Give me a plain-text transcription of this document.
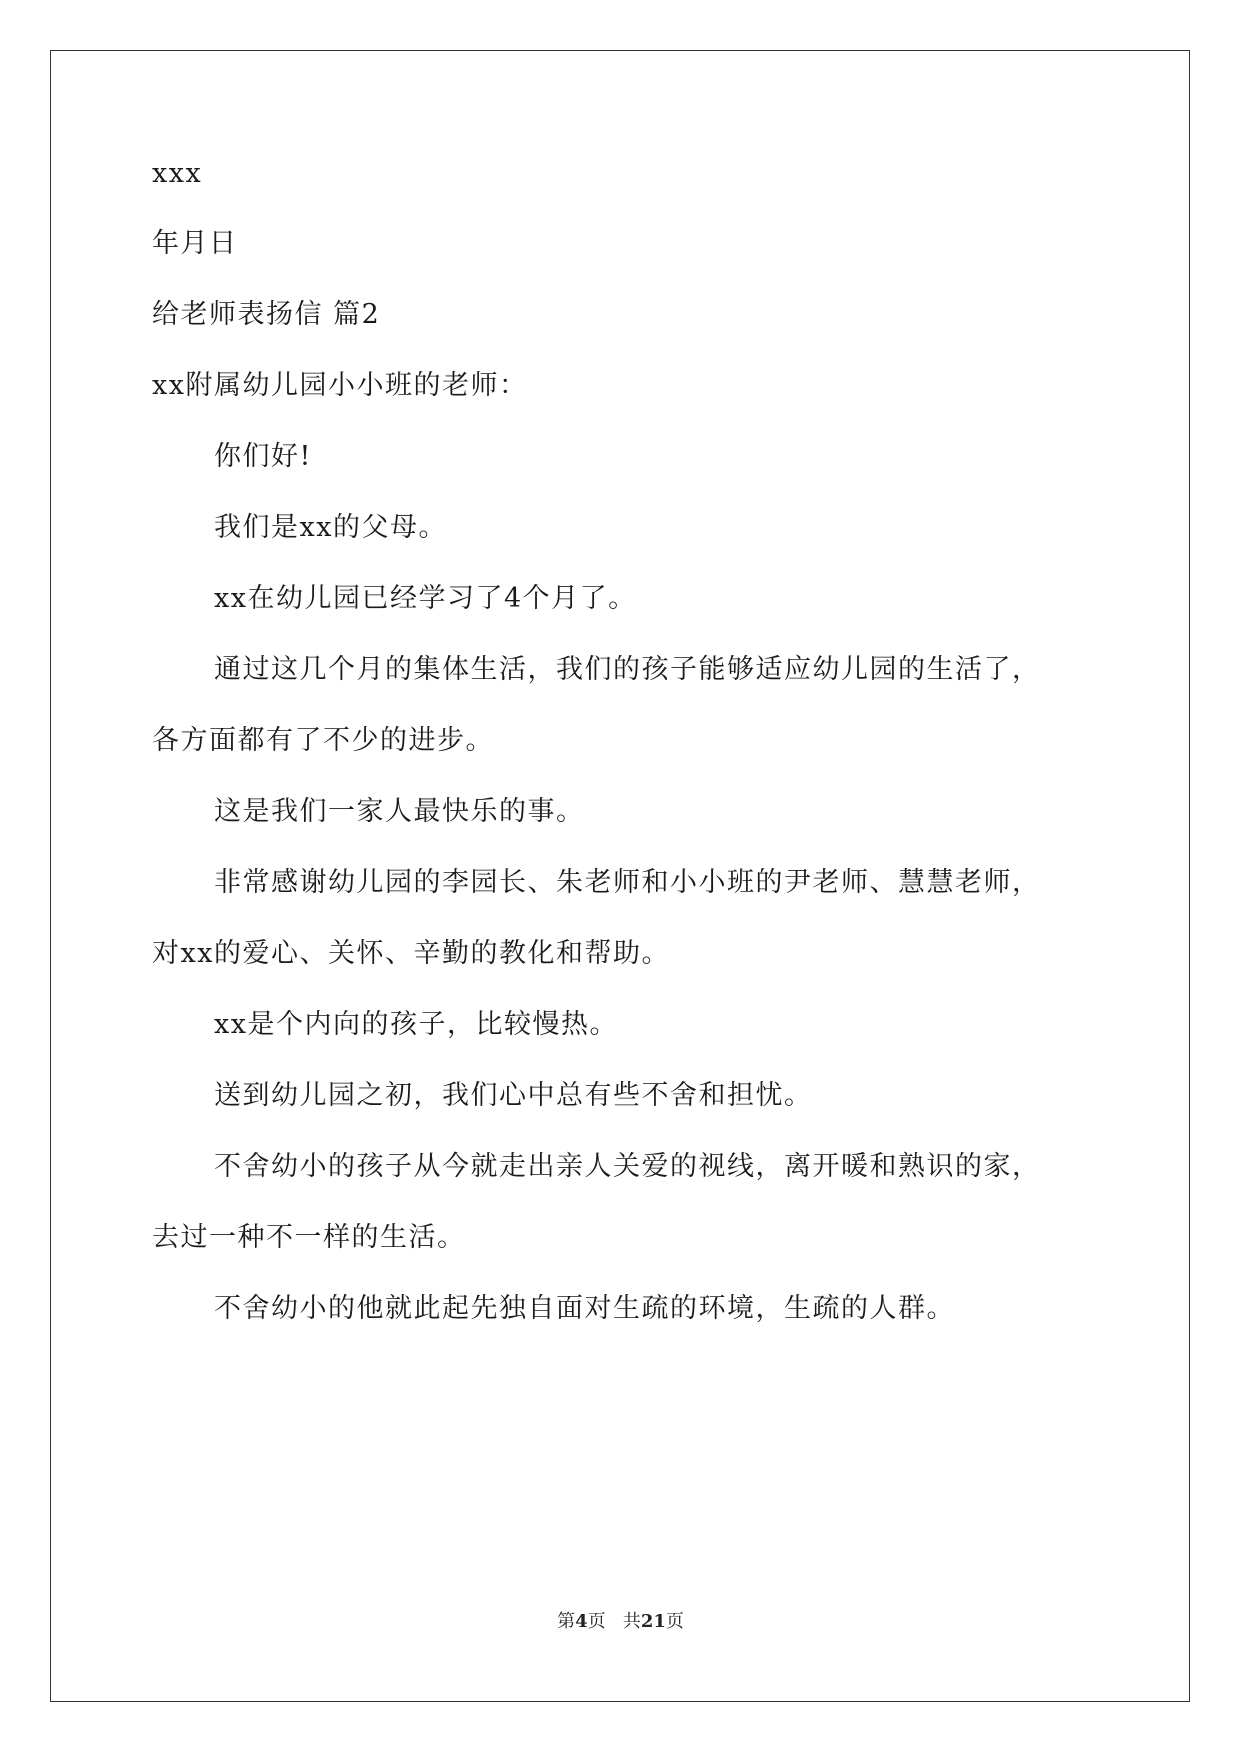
xxx
年月日
给老师表扬信 篇2
xx附属幼儿园小小班的老师：
你们好!
我们是xx的父母。
xx在幼儿园已经学习了4个月了。
通过这几个月的集体生活，我们的孩子能够适应幼儿园的生活了，
各方面都有了不少的进步。
这是我们一家人最快乐的事。
非常感谢幼儿园的李园长、朱老师和小小班的尹老师、慧慧老师，
对xx的爱心、关怀、辛勤的教化和帮助。
xx是个内向的孩子，比较慢热。
送到幼儿园之初，我们心中总有些不舍和担忧。
不舍幼小的孩子从今就走出亲人关爱的视线，离开暖和熟识的家，
去过一种不一样的生活。
不舍幼小的他就此起先独自面对生疏的环境，生疏的人群。
第4页 共21页
